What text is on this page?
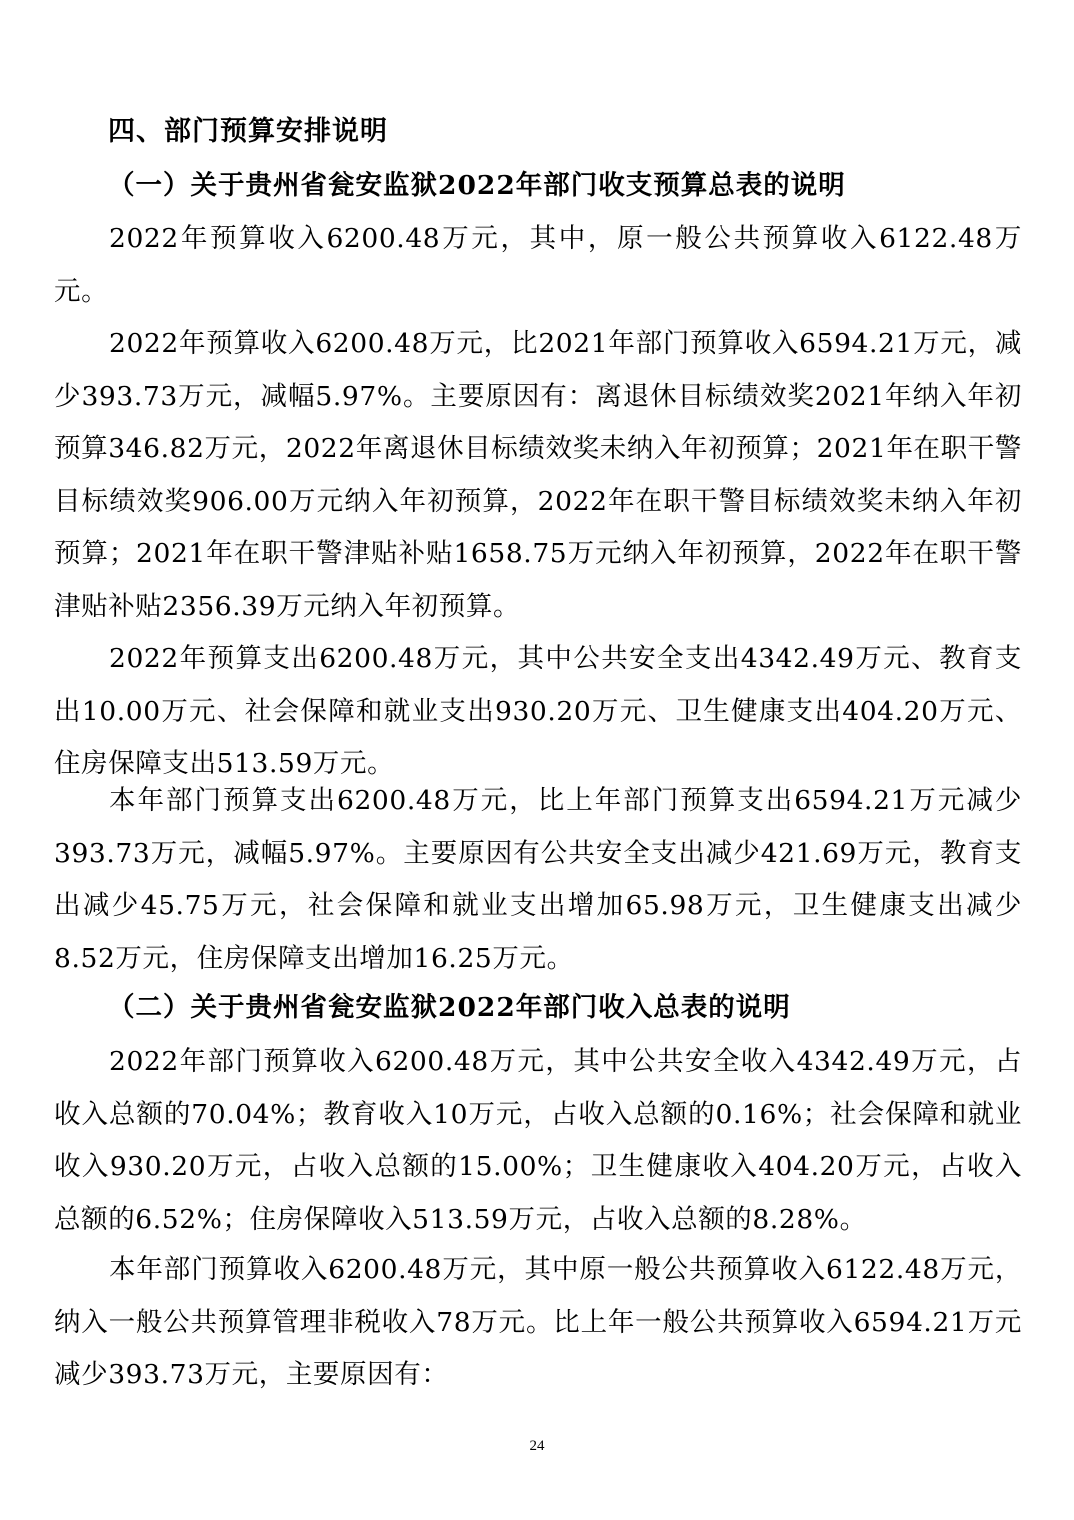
四、部门预算安排说明
（一）关于贵州省瓮安监狱2022年部门收支预算总表的说明

2022年预算收入6200.48万元，其中，原一般公共预算收入6122.48万元。

2022年预算收入6200.48万元，比2021年部门预算收入6594.21万元，减少393.73万元，减幅5.97%。主要原因有：离退休目标绩效奖2021年纳入年初预算346.82万元，2022年离退休目标绩效奖未纳入年初预算；2021年在职干警目标绩效奖906.00万元纳入年初预算，2022年在职干警目标绩效奖未纳入年初预算；2021年在职干警津贴补贴1658.75万元纳入年初预算，2022年在职干警津贴补贴2356.39万元纳入年初预算。

2022年预算支出6200.48万元，其中公共安全支出4342.49万元、教育支出10.00万元、社会保障和就业支出930.20万元、卫生健康支出404.20万元、住房保障支出513.59万元。

本年部门预算支出6200.48万元，比上年部门预算支出6594.21万元减少393.73万元，减幅5.97%。主要原因有公共安全支出减少421.69万元，教育支出减少45.75万元，社会保障和就业支出增加65.98万元，卫生健康支出减少8.52万元，住房保障支出增加16.25万元。

（二）关于贵州省瓮安监狱2022年部门收入总表的说明

2022年部门预算收入6200.48万元，其中公共安全收入4342.49万元，占收入总额的70.04%；教育收入10万元，占收入总额的0.16%；社会保障和就业收入930.20万元，占收入总额的15.00%；卫生健康收入404.20万元，占收入总额的6.52%；住房保障收入513.59万元，占收入总额的8.28%。

本年部门预算收入6200.48万元，其中原一般公共预算收入6122.48万元，纳入一般公共预算管理非税收入78万元。比上年一般公共预算收入6594.21万元减少393.73万元，主要原因有：

24
